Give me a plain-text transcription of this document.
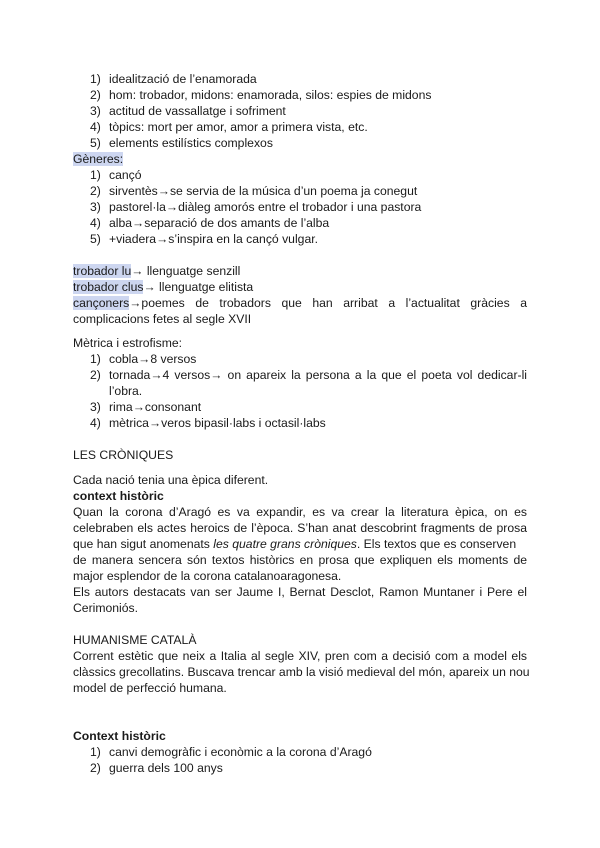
1) idealització de l’enamorada
2) hom: trobador, midons: enamorada, silos: espies de midons
3) actitud de vassallatge i sofriment
4) tòpics: mort per amor, amor a primera vista, etc.
5) elements estilístics complexos
Gèneres:
1) cançó
2) sirventès→se servia de la música d’un poema ja conegut
3) pastorel·la→diàleg amorós entre el trobador i una pastora
4) alba→separació de dos amants de l’alba
5) +viadera→s’inspira en la cançó vulgar.
trobador lu→ llenguatge senzill
trobador clus→ llenguatge elitista
cançoners →poemes de trobadors que han arribat a l’actualitat gràcies a
complicacions fetes al segle XVII
Mètrica i estrofisme:
1) cobla→8 versos
2) tornada→4 versos→ on apareix la persona a la que el poeta vol dedicar-li
l’obra.
3) rima→consonant
4) mètrica→veros bipasil·labs i octasil·labs
LES CRÒNIQUES
Cada nació tenia una èpica diferent.
context històric
Quan la corona d’Aragó es va expandir, es va crear la literatura èpica, on es
celebraben els actes heroics de l’època. S’han anat descobrint fragments de prosa
que han sigut anomenats les quatre grans cròniques. Els textos que es conserven
de manera sencera són textos històrics en prosa que expliquen els moments de
major esplendor de la corona catalanoaragonesa.
Els autors destacats van ser Jaume I, Bernat Desclot, Ramon Muntaner i Pere el
Cerimoniós.
HUMANISME CATALÀ
Corrent estètic que neix a Italia al segle XIV, pren com a decisió com a model els
clàssics grecollatins. Buscava trencar amb la visió medieval del món, apareix un nou
model de perfecció humana.
Context històric
1) canvi demogràfic i econòmic a la corona d’Aragó
2) guerra dels 100 anys
